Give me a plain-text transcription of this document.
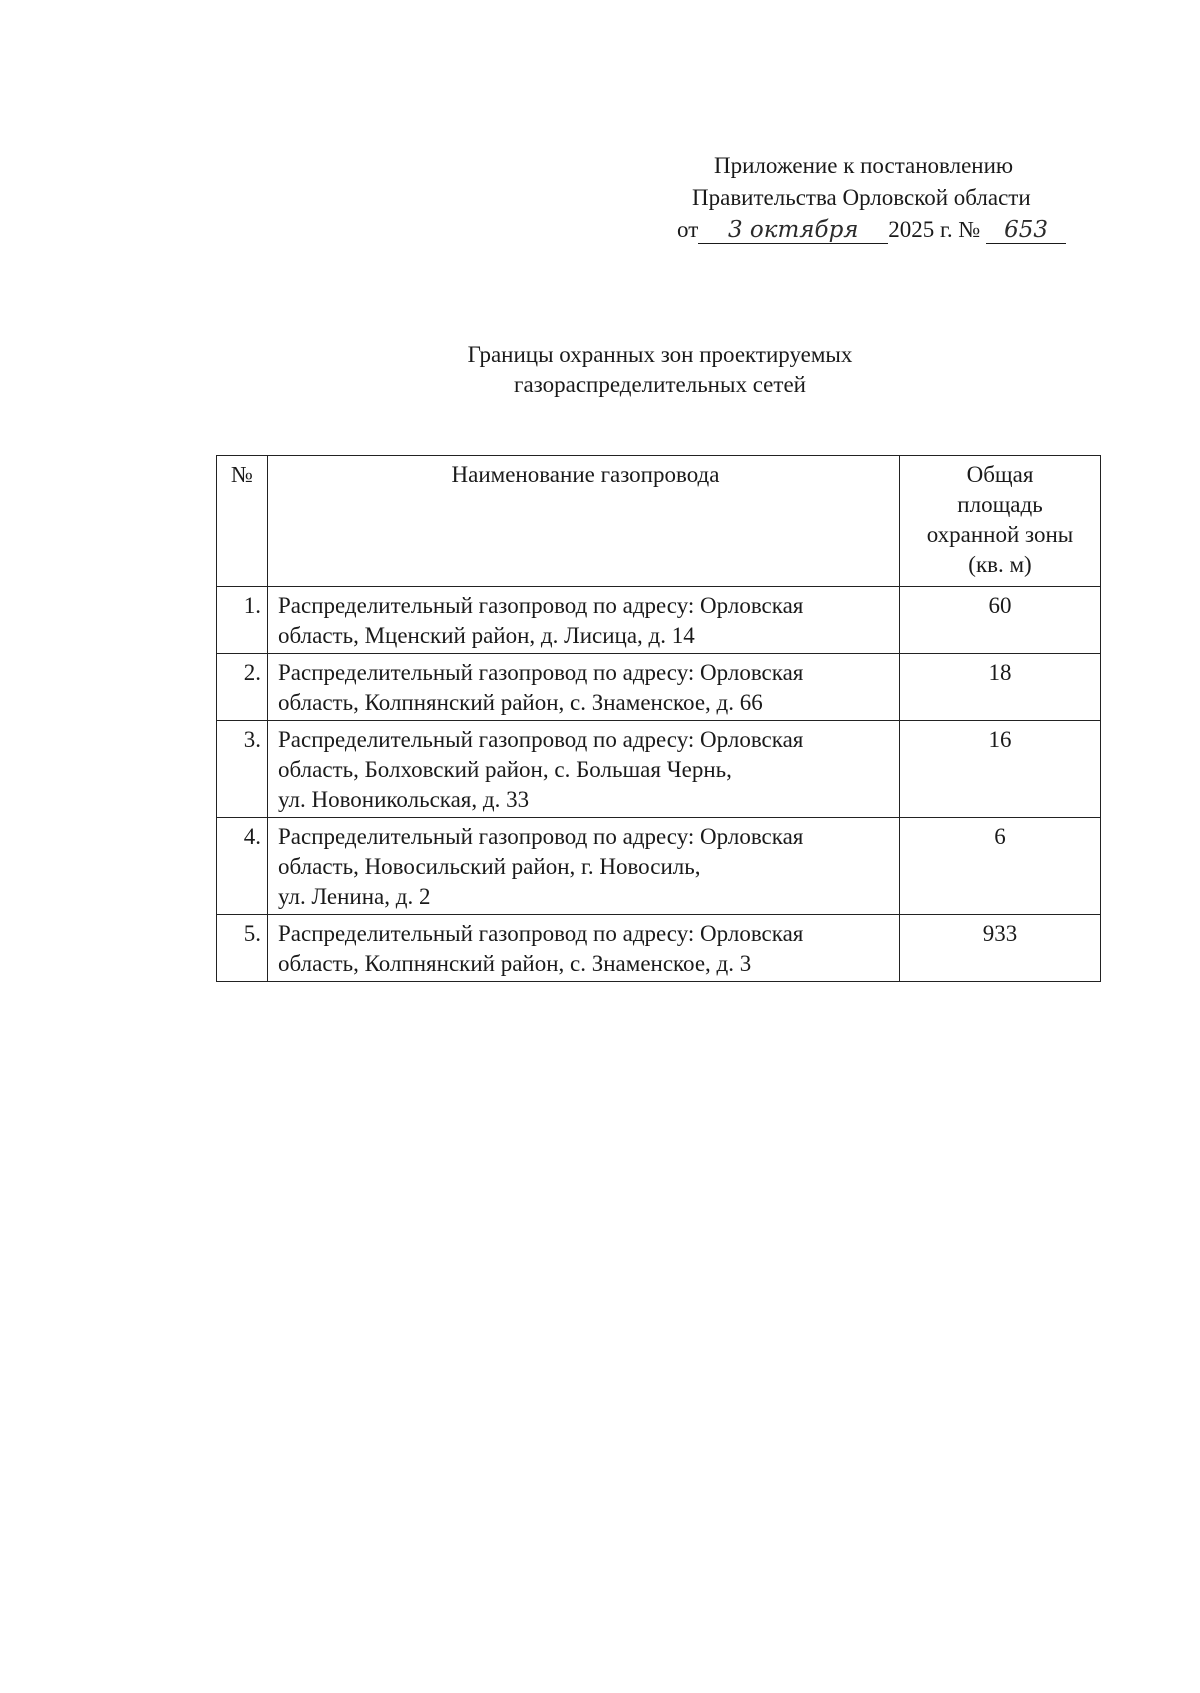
Приложение к постановлению
Правительства Орловской области
от 3 октября 2025 г. № 653
Границы охранных зон проектируемых
газораспределительных сетей
№	Наименование газопровода	Общая
площадь
охранной зоны
(кв. м)

1.	Распределительный газопровод по адресу: Орловская
область, Мценский район, д. Лисица, д. 14	60
2.	Распределительный газопровод по адресу: Орловская
область, Колпнянский район, с. Знаменское, д. 66	18
3.	Распределительный газопровод по адресу: Орловская
область, Болховский район, с. Большая Чернь,
ул. Новоникольская, д. 33	16
4.	Распределительный газопровод по адресу: Орловская
область, Новосильский район, г. Новосиль,
ул. Ленина, д. 2	6
5.	Распределительный газопровод по адресу: Орловская
область, Колпнянский район, с. Знаменское, д. 3	933
